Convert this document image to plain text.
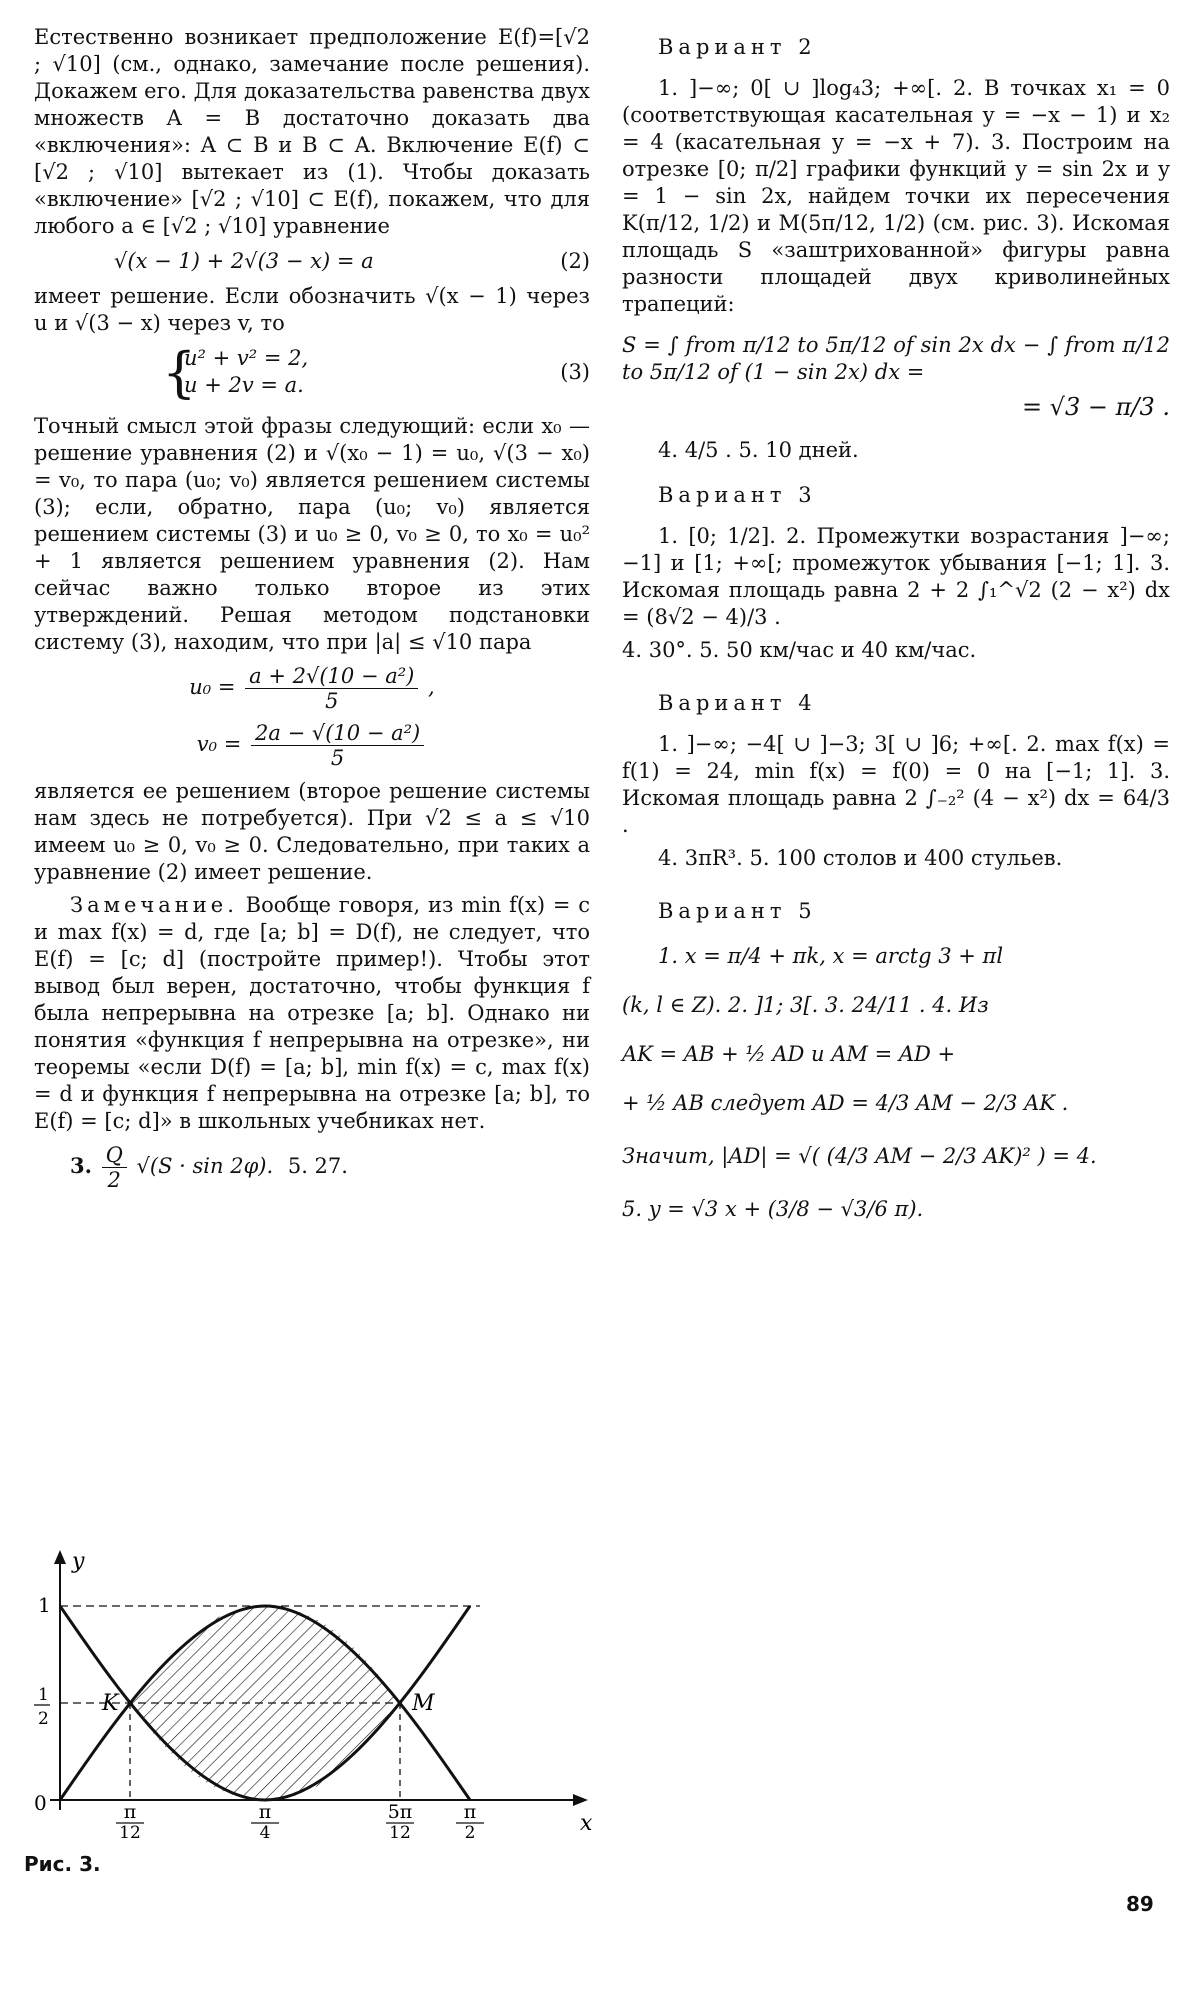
Естественно возникает предположение E(f)=[√2 ; √10] (см., однако, замечание после решения). Докажем его. Для доказательства равенства двух множеств A = B достаточно доказать два «включения»: A ⊂ B и B ⊂ A. Включение E(f) ⊂ [√2 ; √10] вытекает из (1). Чтобы доказать «включение» [√2 ; √10] ⊂ E(f), покажем, что для любого a ∈ [√2 ; √10] уравнение

√(x − 1) + 2√(3 − x) = a	(2)

имеет решение. Если обозначить √(x − 1) через u и √(3 − x) через v, то

{
u² + v² = 2,
u + 2v = a.
(3)

Точный смысл этой фразы следующий: если x₀ — решение уравнения (2) и √(x₀ − 1) = u₀, √(3 − x₀) = v₀, то пара (u₀; v₀) является решением системы (3); если, обратно, пара (u₀; v₀) является решением системы (3) и u₀ ≥ 0, v₀ ≥ 0, то x₀ = u₀² + 1 является решением уравнения (2). Нам сейчас важно только второе из этих утверждений. Решая методом подстановки систему (3), находим, что при |a| ≤ √10 пара

$u_0 = \frac{\text{a + 2√(10 − a²)}}{5}$ ,
$v_0 = \frac{\text{2a − √(10 − a²)}}{5}$

является ее решением (второе решение системы нам здесь не потребуется). При √2 ≤ a ≤ √10 имеем u₀ ≥ 0, v₀ ≥ 0. Следовательно, при таких a уравнение (2) имеет решение.

Замечание. Вообще говоря, из min f(x) = c и max f(x) = d, где [a; b] = D(f), не следует, что E(f) = [c; d] (постройте пример!). Чтобы этот вывод был верен, достаточно, чтобы функция f была непрерывна на отрезке [a; b]. Однако ни понятия «функция f непрерывна на отрезке», ни теоремы «если D(f) = [a; b], min f(x) = c, max f(x) = d и функция f непрерывна на отрезке [a; b], то E(f) = [c; d]» в школьных учебниках нет.

3. $\frac{Q}{2} √(S \cdot \sin 2\varphi)$. 5. 27.
y
x
0
1
1
2
K	M
π
12
π
4
5π
12
π
2
Рис. 3.
Вариант 2

1. ]−∞; 0[ ∪ ]log₄3; +∞[. 2. В точках x₁ = 0 (соответствующая касательная y = −x − 1) и x₂ = 4 (касательная y = −x + 7). 3. Построим на отрезке [0; π/2] графики функций y = sin 2x и y = 1 − sin 2x, найдем точки их пересечения K(π/12, 1/2) и M(5π/12, 1/2) (см. рис. 3). Искомая площадь S «заштрихованной» фигуры равна разности площадей двух криволинейных трапеций:

S = ∫ from π/12 to 5π/12 of sin 2x dx − ∫ from π/12 to 5π/12 of (1 − sin 2x) dx =
= √3 − π/3 .

4. 4/5 . 5. 10 дней.

Вариант 3

1. [0; 1/2]. 2. Промежутки возрастания ]−∞; −1] и [1; +∞[; промежуток убывания [−1; 1]. 3. Искомая площадь равна 2 + 2 ∫₁^√2 (2 − x²) dx = (8√2 − 4)/3 .

4. 30°. 5. 50 км/час и 40 км/час.

Вариант 4

1. ]−∞; −4[ ∪ ]−3; 3[ ∪ ]6; +∞[. 2. max f(x) = f(1) = 24, min f(x) = f(0) = 0 на [−1; 1]. 3. Искомая площадь равна 2 ∫₋₂² (4 − x²) dx = 64/3 .

4. 3πR³. 5. 100 столов и 400 стульев.

Вариант 5
1. x = π/4 + πk, x = arctg 3 + πl
(k, l ∈ Z). 2. ]1; 3[. 3. 24/11 . 4. Из
AK = AB + ½ AD и AM = AD +
+ ½ AB следует AD = 4/3 AM − 2/3 AK .
Значит, |AD| = √( (4/3 AM − 2/3 AK)² ) = 4.
5. y = √3 x + (3/8 − √3/6 π).
89
